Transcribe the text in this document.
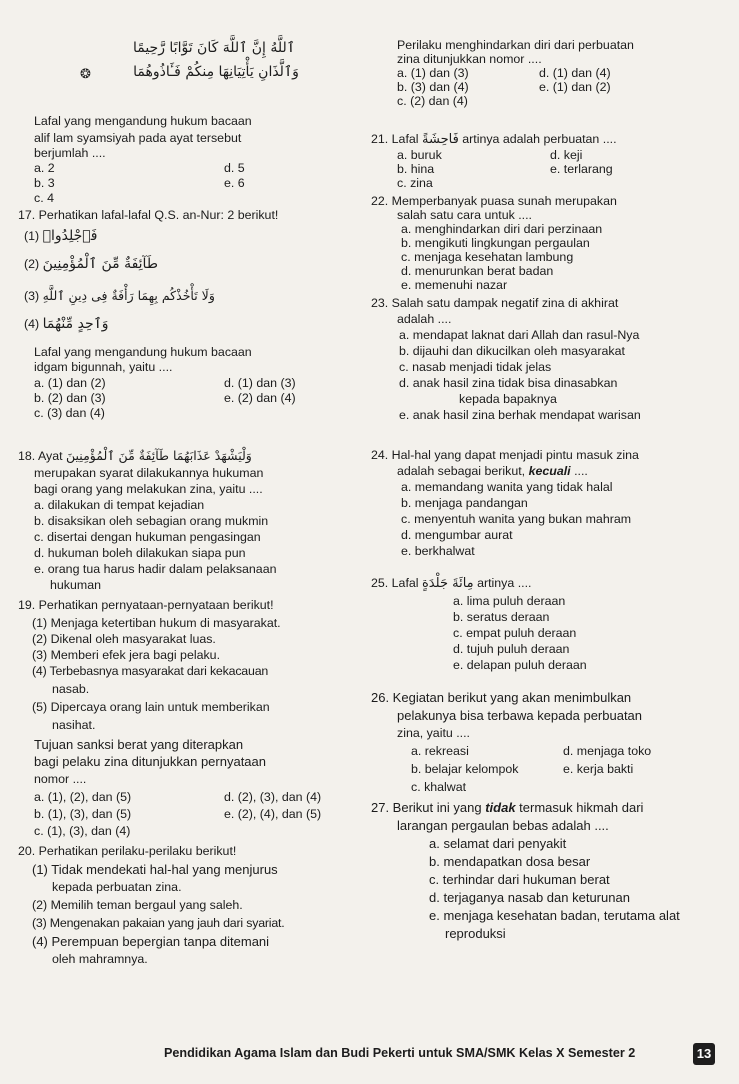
ٱللَّهُ إِنَّ ٱللَّهَ كَانَ تَوَّابًا رَّحِيمًا
وَٱلَّذَانِ يَأْتِيَانِهَا مِنكُمْ فَـَٔاذُوهُمَا
❂
Lafal yang mengandung hukum bacaan
alif lam syamsiyah pada ayat tersebut
berjumlah ....
a. 2	d. 5
b. 3	e. 6
c. 4
17. Perhatikan lafal-lafal Q.S. an-Nur: 2 berikut!
(1) فَٱجْلِدُوا۟
(2) طَآئِفَةٌ مِّنَ ٱلْمُؤْمِنِينَ
(3) وَلَا تَأْخُذْكُم بِهِمَا رَأْفَةٌ فِى دِينِ ٱللَّهِ
(4) وَٱحِدٍ مِّنْهُمَا
Lafal yang mengandung hukum bacaan
idgam bigunnah, yaitu ....
a. (1) dan (2)	d. (1) dan (3)
b. (2) dan (3)	e. (2) dan (4)
c. (3) dan (4)
18. Ayat وَلْيَشْهَدْ عَذَابَهُمَا طَآئِفَةٌ مِّنَ ٱلْمُؤْمِنِينَ
merupakan syarat dilakukannya hukuman
bagi orang yang melakukan zina, yaitu ....
a. dilakukan di tempat kejadian
b. disaksikan oleh sebagian orang mukmin
c. disertai dengan hukuman pengasingan
d. hukuman boleh dilakukan siapa pun
e. orang tua harus hadir dalam pelaksanaan
hukuman
19. Perhatikan pernyataan-pernyataan berikut!
(1) Menjaga ketertiban hukum di masyarakat.
(2) Dikenal oleh masyarakat luas.
(3) Memberi efek jera bagi pelaku.
(4) Terbebasnya masyarakat dari kekacauan
nasab.
(5) Dipercaya orang lain untuk memberikan
nasihat.
Tujuan sanksi berat yang diterapkan
bagi pelaku zina ditunjukkan pernyataan
nomor ....
a. (1), (2), dan (5)	d. (2), (3), dan (4)
b. (1), (3), dan (5)	e. (2), (4), dan (5)
c. (1), (3), dan (4)
20. Perhatikan perilaku-perilaku berikut!
(1) Tidak mendekati hal-hal yang menjurus
kepada perbuatan zina.
(2) Memilih teman bergaul yang saleh.
(3) Mengenakan pakaian yang jauh dari syariat.
(4) Perempuan bepergian tanpa ditemani
oleh mahramnya.
Perilaku menghindarkan diri dari perbuatan
zina ditunjukkan nomor ....
a. (1) dan (3)	d. (1) dan (4)
b. (3) dan (4)	e. (1) dan (2)
c. (2) dan (4)
21. Lafal فَاحِشَةً artinya adalah perbuatan ....
a. buruk	d. keji
b. hina	e. terlarang
c. zina
22. Memperbanyak puasa sunah merupakan
salah satu cara untuk ....
a. menghindarkan diri dari perzinaan
b. mengikuti lingkungan pergaulan
c. menjaga kesehatan lambung
d. menurunkan berat badan
e. memenuhi nazar
23. Salah satu dampak negatif zina di akhirat
adalah ....
a. mendapat laknat dari Allah dan rasul-Nya
b. dijauhi dan dikucilkan oleh masyarakat
c. nasab menjadi tidak jelas
d. anak hasil zina tidak bisa dinasabkan
kepada bapaknya
e. anak hasil zina berhak mendapat warisan
24. Hal-hal yang dapat menjadi pintu masuk zina
adalah sebagai berikut, kecuali ....
a. memandang wanita yang tidak halal
b. menjaga pandangan
c. menyentuh wanita yang bukan mahram
d. mengumbar aurat
e. berkhalwat
25. Lafal مِائَةَ جَلْدَةٍ artinya ....
a. lima puluh deraan
b. seratus deraan
c. empat puluh deraan
d. tujuh puluh deraan
e. delapan puluh deraan
26. Kegiatan berikut yang akan menimbulkan
pelakunya bisa terbawa kepada perbuatan
zina, yaitu ....
a. rekreasi	d. menjaga toko
b. belajar kelompok	e. kerja bakti
c. khalwat
27. Berikut ini yang tidak termasuk hikmah dari
larangan pergaulan bebas adalah ....
a. selamat dari penyakit
b. mendapatkan dosa besar
c. terhindar dari hukuman berat
d. terjaganya nasab dan keturunan
e. menjaga kesehatan badan, terutama alat
reproduksi
Pendidikan Agama Islam dan Budi Pekerti untuk SMA/SMK Kelas X Semester 2	13
